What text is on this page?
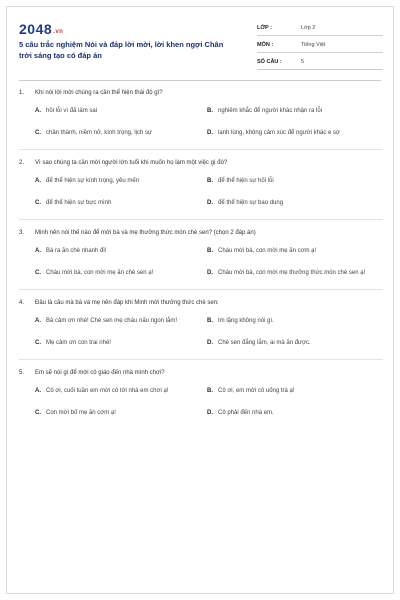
2048.vn
5 câu trắc nghiệm Nói và đáp lời mời, lời khen ngợi Chân trời sáng tạo có đáp án
LỚP :	Lớp 2
MÔN :	Tiếng Việt
SỐ CÂU :	5
1. Khi nói lời mời chúng ra cần thể hiện thái độ gì?
A. hồi lỗi vì đã làm sai	B. nghiêm khắc để người khác nhận ra lỗi
C. chân thành, niềm nở, kính trọng, lịch sự	D. lạnh lùng, không cảm xúc để người khác e sợ
2. Vì sao chúng ta cần mời người lớn tuổi khi muốn họ làm một việc gì đó?
A. để thể hiện sự kính trọng, yêu mến	B. để thể hiện sự hối lỗi
C. để thể hiện sự bực mình	D. để thể hiện sự bao dung
3. Minh nên nói thế nào để mời bà và mẹ thưởng thức món chè sen? (chọn 2 đáp án)
A. Bà ra ăn chè nhanh đi!	B. Cháu mời bà, con mời mẹ ăn cơm ạ!
C. Cháu mời bà, con mời mẹ ăn chè sen ạ!	D. Cháu mời bà, con mời mẹ thưởng thức món chè sen ạ!
4. Đâu là câu mà bà và mẹ nên đáp khi Minh mời thưởng thức chè sen:
A. Bà cảm ơn nhé! Chè sen mẹ cháu nấu ngon lắm!	B. Im lặng không nói gì.
C. Mẹ cảm ơn con trai nhé!	D. Chè sen đắng lắm, ai mà ăn được.
5. Em sẽ nói gì để mời cô giáo đến nhà mình chơi?
A. Cô ơi, cuối tuần em mời cô tới nhà em chơi ạ!	B. Cô ơi, em mời cô uống trà ạ!
C. Con mời bố mẹ ăn cơm ạ!	D. Cô phải đến nhà em.
